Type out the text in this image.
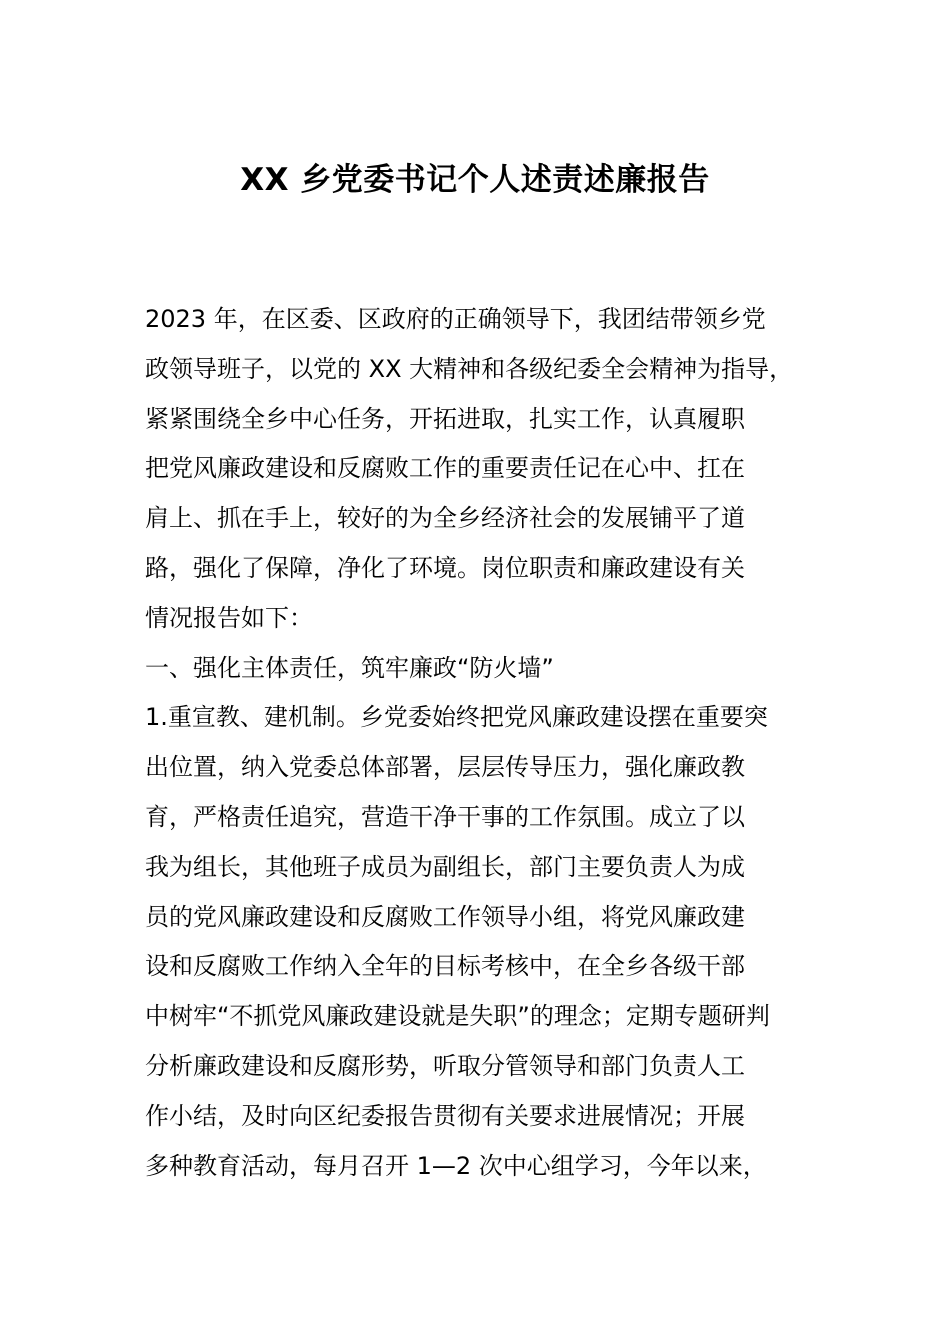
XX 乡党委书记个人述责述廉报告
2023 年，在区委、区政府的正确领导下，我团结带领乡党
政领导班子，以党的 XX 大精神和各级纪委全会精神为指导，
紧紧围绕全乡中心任务，开拓进取，扎实工作，认真履职
把党风廉政建设和反腐败工作的重要责任记在心中、扛在
肩上、抓在手上，较好的为全乡经济社会的发展铺平了道
路，强化了保障，净化了环境。岗位职责和廉政建设有关
情况报告如下：
一、强化主体责任，筑牢廉政“防火墙”
1.重宣教、建机制。乡党委始终把党风廉政建设摆在重要突
出位置，纳入党委总体部署，层层传导压力，强化廉政教
育，严格责任追究，营造干净干事的工作氛围。成立了以
我为组长，其他班子成员为副组长，部门主要负责人为成
员的党风廉政建设和反腐败工作领导小组，将党风廉政建
设和反腐败工作纳入全年的目标考核中，在全乡各级干部
中树牢“不抓党风廉政建设就是失职”的理念；定期专题研判
分析廉政建设和反腐形势，听取分管领导和部门负责人工
作小结，及时向区纪委报告贯彻有关要求进展情况；开展
多种教育活动，每月召开 1—2 次中心组学习，今年以来，
